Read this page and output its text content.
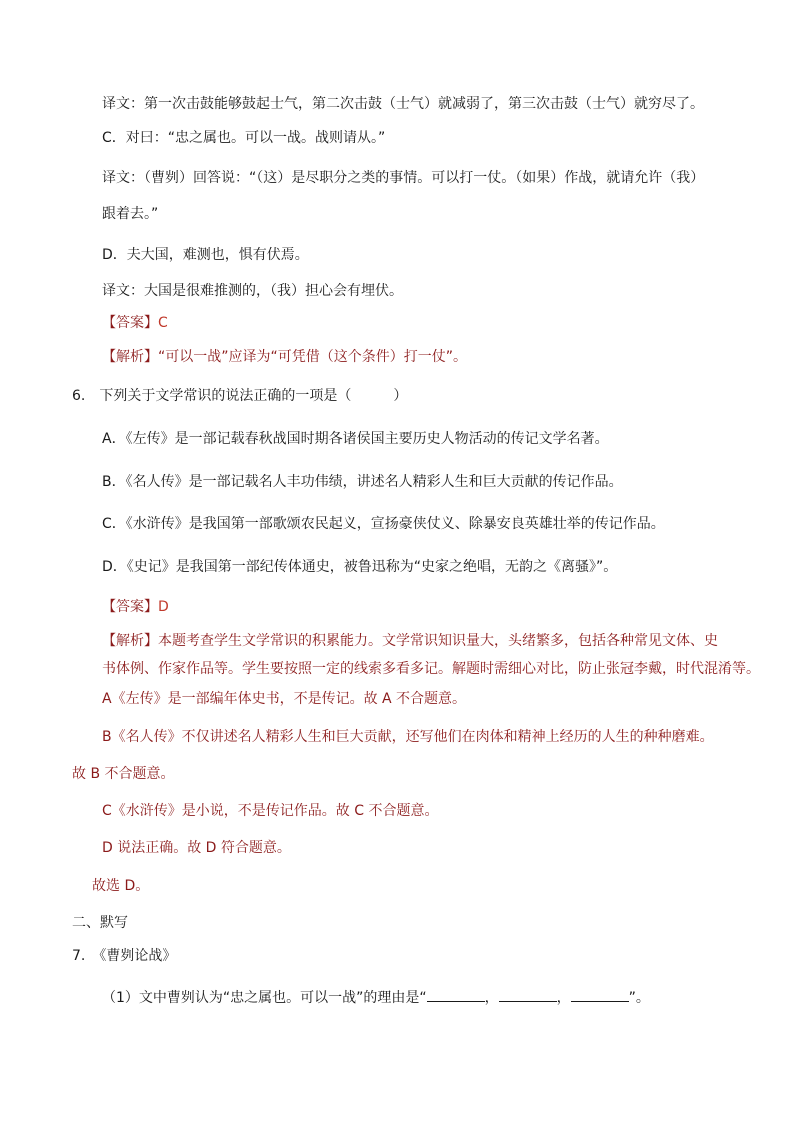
译文：第一次击鼓能够鼓起士气，第二次击鼓（士气）就减弱了，第三次击鼓（士气）就穷尽了。
C．对曰：“忠之属也。可以一战。战则请从。”
译文：（曹刿）回答说：“（这）是尽职分之类的事情。可以打一仗。（如果）作战，就请允许（我）
跟着去。”
D．夫大国，难测也，惧有伏焉。
译文：大国是很难推测的，（我）担心会有埋伏。
【答案】C
【解析】“可以一战”应译为“可凭借（这个条件）打一仗”。
6.　下列关于文学常识的说法正确的一项是（　　　）
A．《左传》是一部记载春秋战国时期各诸侯国主要历史人物活动的传记文学名著。
B．《名人传》是一部记载名人丰功伟绩，讲述名人精彩人生和巨大贡献的传记作品。
C．《水浒传》是我国第一部歌颂农民起义，宣扬豪侠仗义、除暴安良英雄壮举的传记作品。
D．《史记》是我国第一部纪传体通史，被鲁迅称为“史家之绝唱，无韵之《离骚》”。
【答案】D
【解析】本题考查学生文学常识的积累能力。文学常识知识量大，头绪繁多，包括各种常见文体、史
书体例、作家作品等。学生要按照一定的线索多看多记。解题时需细心对比，防止张冠李戴，时代混淆等。
A《左传》是一部编年体史书，不是传记。故 A 不合题意。
B《名人传》不仅讲述名人精彩人生和巨大贡献，还写他们在肉体和精神上经历的人生的种种磨难。
故 B 不合题意。
C《水浒传》是小说，不是传记作品。故 C 不合题意。
D 说法正确。故 D 符合题意。
故选 D。
二、默写
7.　《曹刿论战》
（1）文中曹刿认为“忠之属也。可以一战”的理由是“	，	，	”。
